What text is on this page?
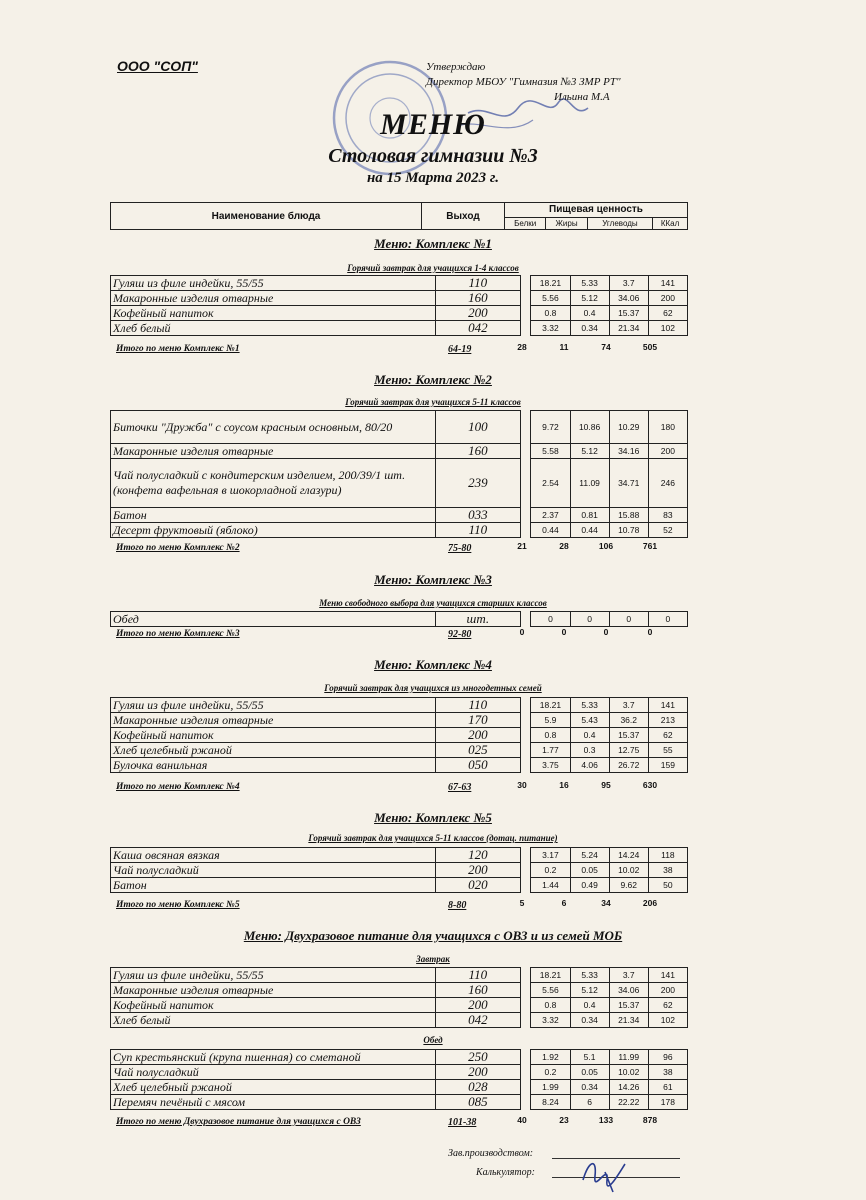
ООО "СОП"	Утверждаю
Директор МБОУ "Гимназия №3 ЗМР РТ"
Ильина М.А
МЕНЮ
Столовая гимназии №3
на 15 Марта 2023 г.
Наименование блюда	Выход	Пищевая ценность			
		Белки	Жиры	Углеводы	ККал
Меню: Комплекс №1
Горячий завтрак для учащихся 1-4 классов
Гуляш из филе индейки, 55/55	110		18.21	5.33	3.7	141
Макаронные изделия отварные	160		5.56	5.12	34.06	200
Кофейный напиток	200		0.8	0.4	15.37	62
Хлеб белый	042		3.32	0.34	21.34	102
Итого по меню Комплекс №1	64-19	28	11	74	505
Меню: Комплекс №2
Горячий завтрак для учащихся 5-11 классов
Биточки "Дружба" с соусом красным основным, 80/20	100		9.72	10.86	10.29	180
Макаронные изделия отварные	160		5.58	5.12	34.16	200
Чай полусладкий с кондитерским изделием, 200/39/1 шт. (конфета вафельная в шокорладной глазури)	239		2.54	11.09	34.71	246
Батон	033		2.37	0.81	15.88	83
Десерт фруктовый (яблоко)	110		0.44	0.44	10.78	52
Итого по меню Комплекс №2	75-80	21	28	106	761
Меню: Комплекс №3
Меню свободного выбора для учащихся старших классов
Обед	шт.		0	0	0	0
Итого по меню Комплекс №3	92-80	0	0	0	0
Меню: Комплекс №4
Горячий завтрак для учащихся из многодетных семей
Гуляш из филе индейки, 55/55	110		18.21	5.33	3.7	141
Макаронные изделия отварные	170		5.9	5.43	36.2	213
Кофейный напиток	200		0.8	0.4	15.37	62
Хлеб целебный ржаной	025		1.77	0.3	12.75	55
Булочка ванильная	050		3.75	4.06	26.72	159
Итого по меню Комплекс №4	67-63	30	16	95	630
Меню: Комплекс №5
Горячий завтрак для учащихся 5-11 классов (дотац. питание)
Каша овсяная вязкая	120		3.17	5.24	14.24	118
Чай полусладкий	200		0.2	0.05	10.02	38
Батон	020		1.44	0.49	9.62	50
Итого по меню Комплекс №5	8-80	5	6	34	206
Меню: Двухразовое питание для учащихся с ОВЗ и из семей МОБ
Завтрак
Гуляш из филе индейки, 55/55	110		18.21	5.33	3.7	141
Макаронные изделия отварные	160		5.56	5.12	34.06	200
Кофейный напиток	200		0.8	0.4	15.37	62
Хлеб белый	042		3.32	0.34	21.34	102
Обед
Суп крестьянский (крупа пшенная) со сметаной	250		1.92	5.1	11.99	96
Чай полусладкий	200		0.2	0.05	10.02	38
Хлеб целебный ржаной	028		1.99	0.34	14.26	61
Перемяч печёный с мясом	085		8.24	6	22.22	178
Итого по меню Двухразовое питание для учащихся с ОВЗ	101-38	40	23	133	878
Зав.производством:
Калькулятор:
